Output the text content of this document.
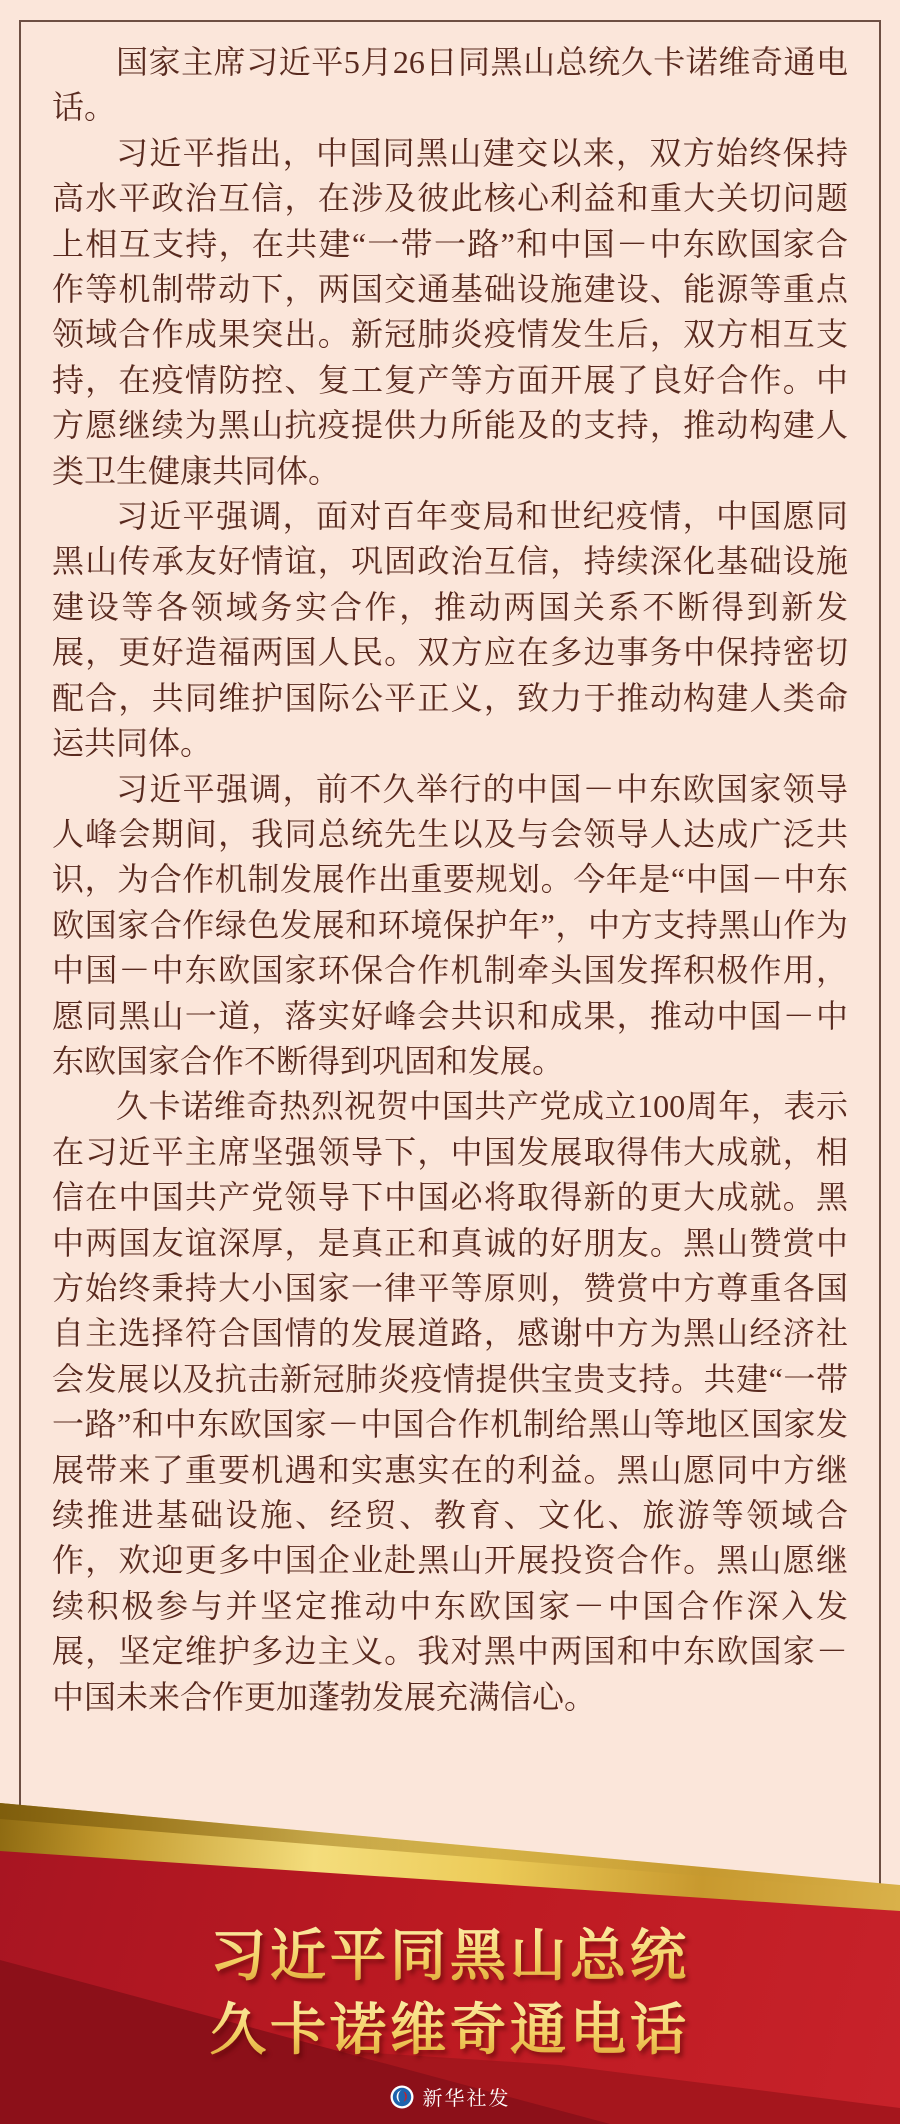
国家主席习近平5月26日同黑山总统久卡诺维奇通电话。

习近平指出，中国同黑山建交以来，双方始终保持高水平政治互信，在涉及彼此核心利益和重大关切问题上相互支持，在共建“一带一路”和中国－中东欧国家合作等机制带动下，两国交通基础设施建设、能源等重点领域合作成果突出。新冠肺炎疫情发生后，双方相互支持，在疫情防控、复工复产等方面开展了良好合作。中方愿继续为黑山抗疫提供力所能及的支持，推动构建人类卫生健康共同体。

习近平强调，面对百年变局和世纪疫情，中国愿同黑山传承友好情谊，巩固政治互信，持续深化基础设施建设等各领域务实合作，推动两国关系不断得到新发展，更好造福两国人民。双方应在多边事务中保持密切配合，共同维护国际公平正义，致力于推动构建人类命运共同体。

习近平强调，前不久举行的中国－中东欧国家领导人峰会期间，我同总统先生以及与会领导人达成广泛共识，为合作机制发展作出重要规划。今年是“中国－中东欧国家合作绿色发展和环境保护年”，中方支持黑山作为中国－中东欧国家环保合作机制牵头国发挥积极作用，愿同黑山一道，落实好峰会共识和成果，推动中国－中东欧国家合作不断得到巩固和发展。

久卡诺维奇热烈祝贺中国共产党成立100周年，表示在习近平主席坚强领导下，中国发展取得伟大成就，相信在中国共产党领导下中国必将取得新的更大成就。黑中两国友谊深厚，是真正和真诚的好朋友。黑山赞赏中方始终秉持大小国家一律平等原则，赞赏中方尊重各国自主选择符合国情的发展道路，感谢中方为黑山经济社会发展以及抗击新冠肺炎疫情提供宝贵支持。共建“一带一路”和中东欧国家－中国合作机制给黑山等地区国家发展带来了重要机遇和实惠实在的利益。黑山愿同中方继续推进基础设施、经贸、教育、文化、旅游等领域合作，欢迎更多中国企业赴黑山开展投资合作。黑山愿继续积极参与并坚定推动中东欧国家－中国合作深入发展，坚定维护多边主义。我对黑中两国和中东欧国家－中国未来合作更加蓬勃发展充满信心。

习近平同黑山总统
久卡诺维奇通电话
新华社发
